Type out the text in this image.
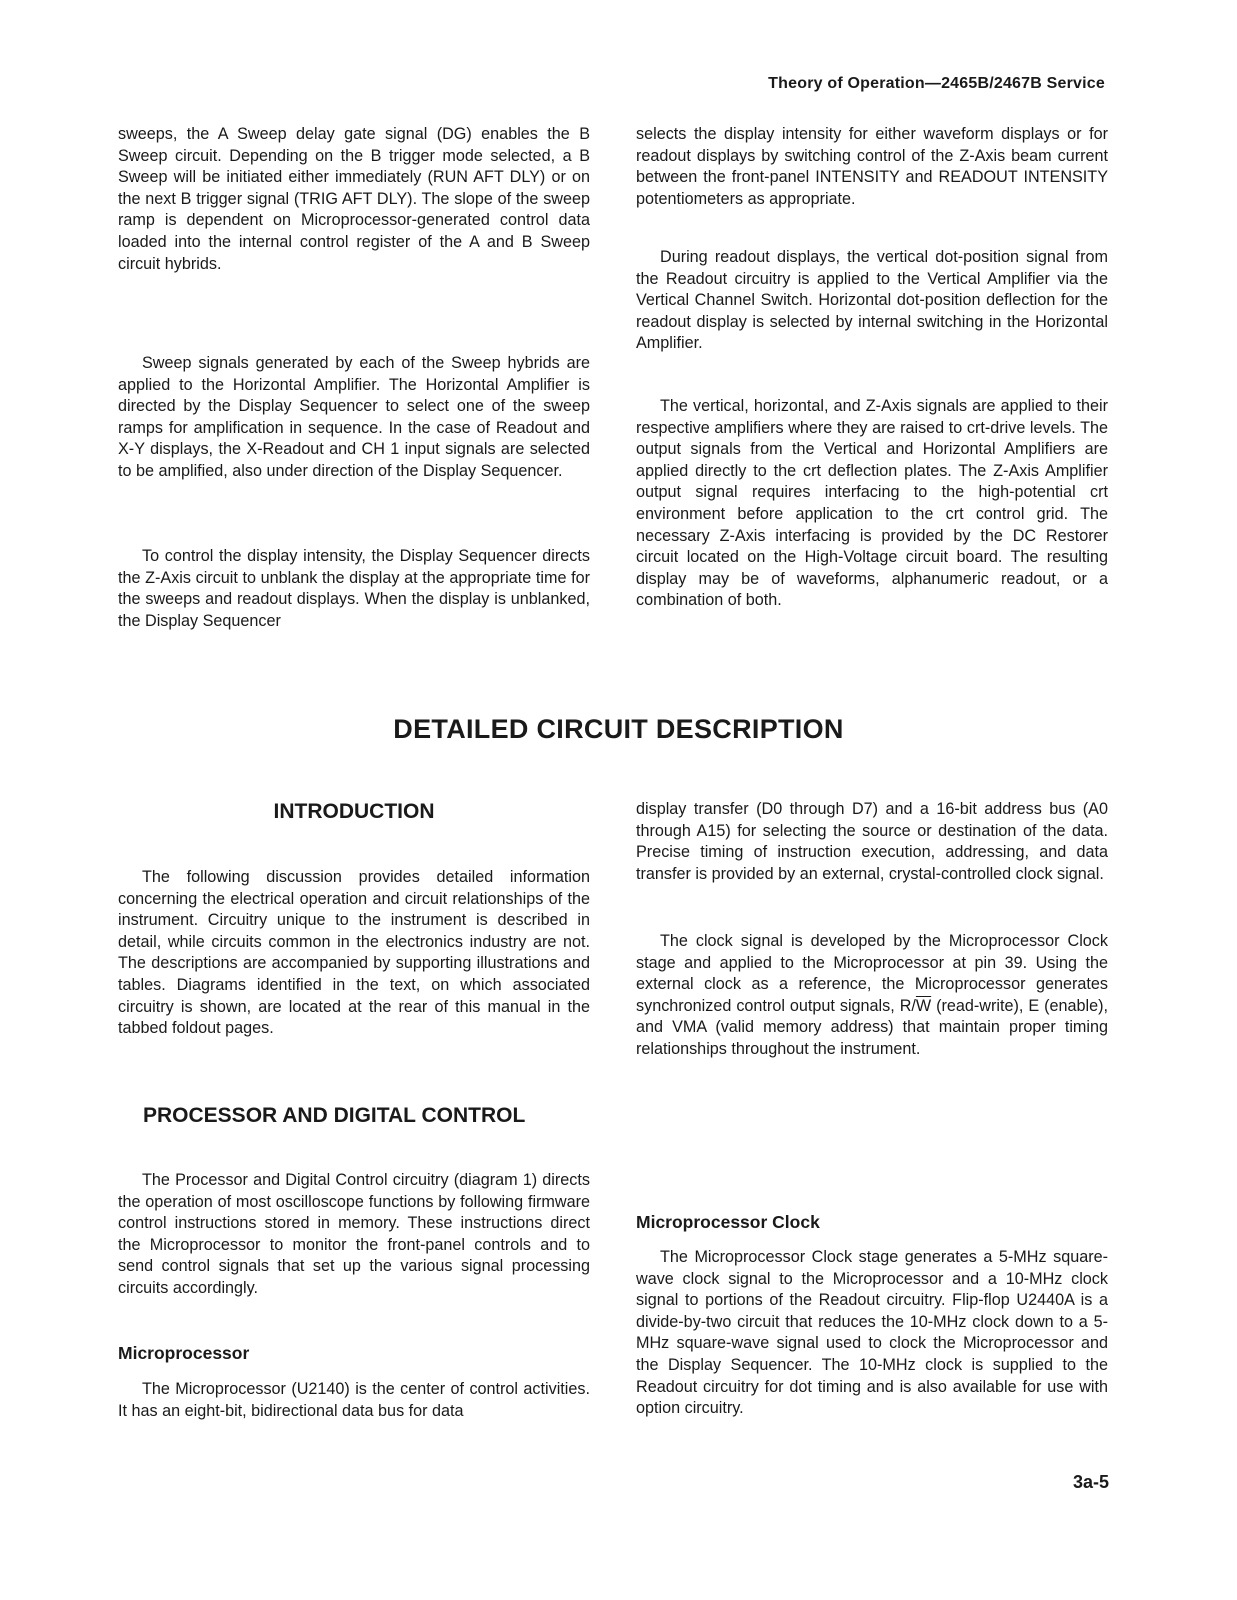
Theory of Operation—2465B/2467B Service

sweeps, the A Sweep delay gate signal (DG) enables the B Sweep circuit. Depending on the B trigger mode selected, a B Sweep will be initiated either immediately (RUN AFT DLY) or on the next B trigger signal (TRIG AFT DLY). The slope of the sweep ramp is dependent on Microprocessor-generated control data loaded into the internal control register of the A and B Sweep circuit hybrids.

Sweep signals generated by each of the Sweep hybrids are applied to the Horizontal Amplifier. The Horizontal Amplifier is directed by the Display Sequencer to select one of the sweep ramps for amplification in sequence. In the case of Readout and X-Y displays, the X-Readout and CH 1 input signals are selected to be amplified, also under direction of the Display Sequencer.

To control the display intensity, the Display Sequencer directs the Z-Axis circuit to unblank the display at the appropriate time for the sweeps and readout displays. When the display is unblanked, the Display Sequencer

selects the display intensity for either waveform displays or for readout displays by switching control of the Z-Axis beam current between the front-panel INTENSITY and READOUT INTENSITY potentiometers as appropriate.

During readout displays, the vertical dot-position signal from the Readout circuitry is applied to the Vertical Amplifier via the Vertical Channel Switch. Horizontal dot-position deflection for the readout display is selected by internal switching in the Horizontal Amplifier.

The vertical, horizontal, and Z-Axis signals are applied to their respective amplifiers where they are raised to crt-drive levels. The output signals from the Vertical and Horizontal Amplifiers are applied directly to the crt deflection plates. The Z-Axis Amplifier output signal requires interfacing to the high-potential crt environment before application to the crt control grid. The necessary Z-Axis interfacing is provided by the DC Restorer circuit located on the High-Voltage circuit board. The resulting display may be of waveforms, alphanumeric readout, or a combination of both.

DETAILED CIRCUIT DESCRIPTION
INTRODUCTION

The following discussion provides detailed information concerning the electrical operation and circuit relationships of the instrument. Circuitry unique to the instrument is described in detail, while circuits common in the electronics industry are not. The descriptions are accompanied by supporting illustrations and tables. Diagrams identified in the text, on which associated circuitry is shown, are located at the rear of this manual in the tabbed foldout pages.

PROCESSOR AND DIGITAL CONTROL

The Processor and Digital Control circuitry (diagram 1) directs the operation of most oscilloscope functions by following firmware control instructions stored in memory. These instructions direct the Microprocessor to monitor the front-panel controls and to send control signals that set up the various signal processing circuits accordingly.

Microprocessor

The Microprocessor (U2140) is the center of control activities. It has an eight-bit, bidirectional data bus for data

display transfer (D0 through D7) and a 16-bit address bus (A0 through A15) for selecting the source or destination of the data. Precise timing of instruction execution, addressing, and data transfer is provided by an external, crystal-controlled clock signal.

The clock signal is developed by the Microprocessor Clock stage and applied to the Microprocessor at pin 39. Using the external clock as a reference, the Microprocessor generates synchronized control output signals, $R/\overline{W}$ (read-write), E (enable), and VMA (valid memory address) that maintain proper timing relationships throughout the instrument.

Microprocessor Clock

The Microprocessor Clock stage generates a 5-MHz square-wave clock signal to the Microprocessor and a 10-MHz clock signal to portions of the Readout circuitry. Flip-flop U2440A is a divide-by-two circuit that reduces the 10-MHz clock down to a 5-MHz square-wave signal used to clock the Microprocessor and the Display Sequencer. The 10-MHz clock is supplied to the Readout circuitry for dot timing and is also available for use with option circuitry.

3a-5
